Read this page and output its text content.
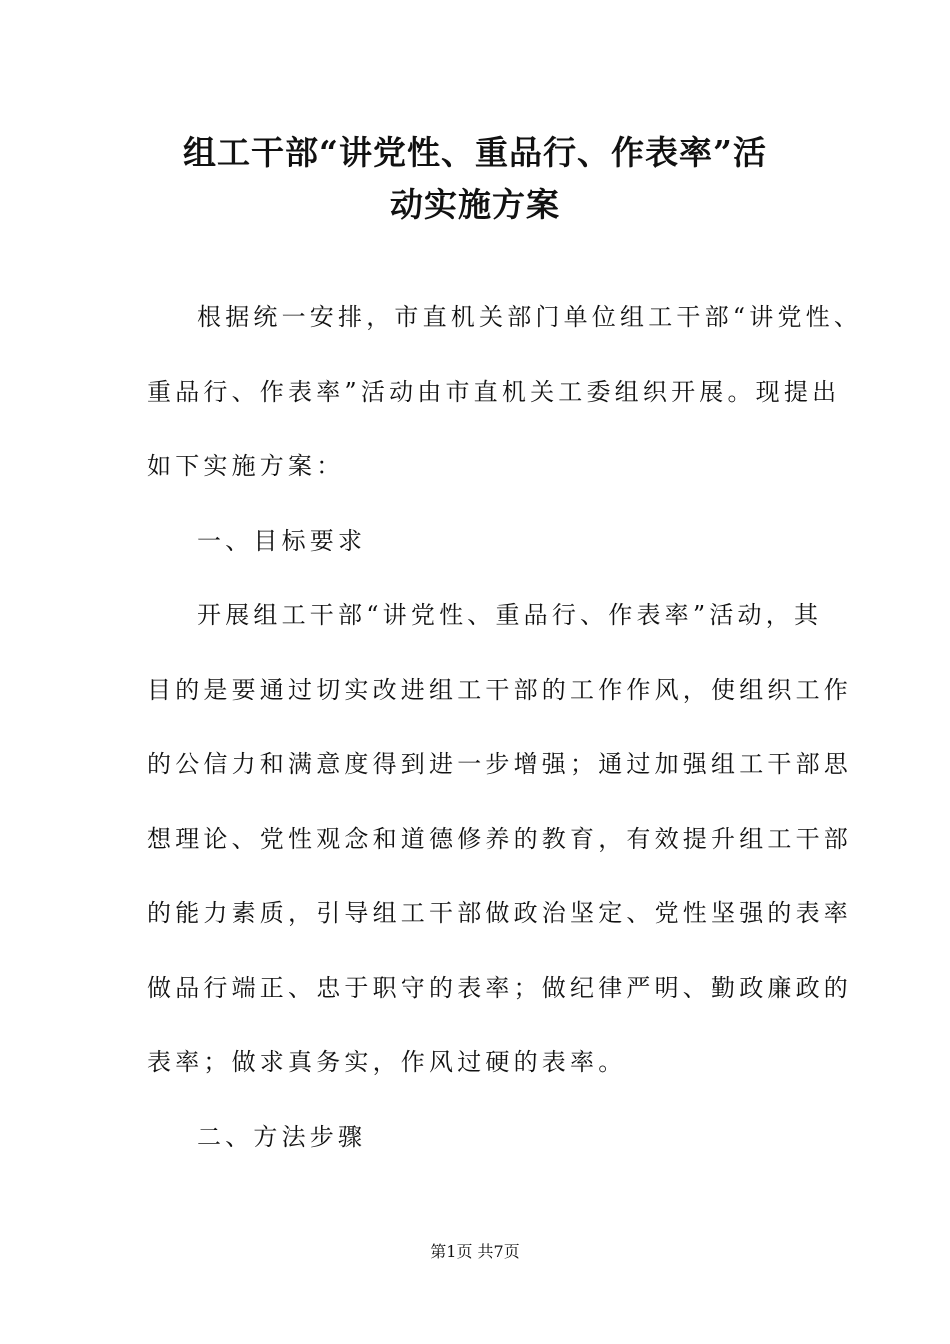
组工干部“讲党性、重品行、作表率”活
动实施方案
根据统一安排，市直机关部门单位组工干部“讲党性、
重品行、作表率”活动由市直机关工委组织开展。现提出
如下实施方案：
一、目标要求
开展组工干部“讲党性、重品行、作表率”活动，其
目的是要通过切实改进组工干部的工作作风，使组织工作
的公信力和满意度得到进一步增强；通过加强组工干部思
想理论、党性观念和道德修养的教育，有效提升组工干部
的能力素质，引导组工干部做政治坚定、党性坚强的表率
做品行端正、忠于职守的表率；做纪律严明、勤政廉政的
表率；做求真务实，作风过硬的表率。
二、方法步骤
第1页 共7页
